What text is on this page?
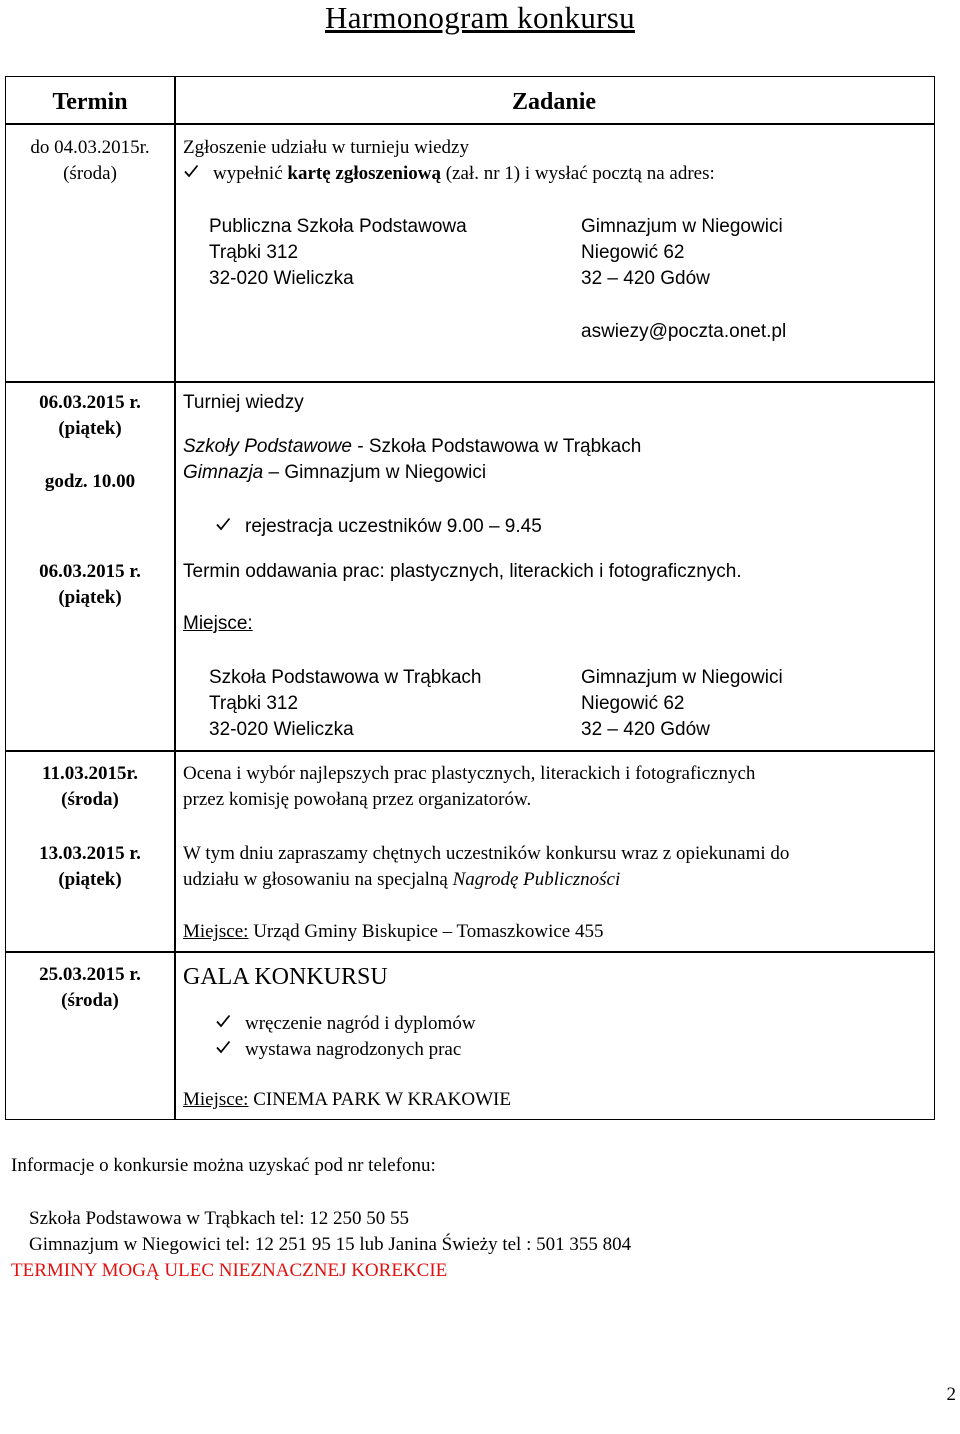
Harmonogram konkursu
Termin	Zadanie
do 04.03.2015r.
(środa)
Zgłoszenie udziału w turnieju wiedzy
wypełnić kartę zgłoszeniową (zał. nr 1) i wysłać pocztą na adres:
Publiczna Szkoła Podstawowa
Trąbki 312
32-020 Wieliczka
Gimnazjum w Niegowici
Niegowić 62
32 – 420 Gdów
aswiezy@poczta.onet.pl
06.03.2015 r.
(piątek)
godz. 10.00
Turniej wiedzy
Szkoły Podstawowe - Szkoła Podstawowa w Trąbkach
Gimnazja – Gimnazjum w Niegowici
rejestracja uczestników 9.00 – 9.45
06.03.2015 r.
(piątek)
Termin oddawania prac: plastycznych, literackich i fotograficznych.
Miejsce:
Szkoła Podstawowa w Trąbkach
Trąbki 312
32-020 Wieliczka
Gimnazjum w Niegowici
Niegowić 62
32 – 420 Gdów
11.03.2015r.
(środa)
13.03.2015 r.
(piątek)
Ocena i wybór najlepszych prac plastycznych, literackich i fotograficznych
przez komisję powołaną przez organizatorów.
W tym dniu zapraszamy chętnych uczestników konkursu wraz z opiekunami do
udziału w głosowaniu na specjalną Nagrodę Publiczności
Miejsce: Urząd Gminy Biskupice – Tomaszkowice 455
25.03.2015 r.
(środa)
GALA KONKURSU
wręczenie nagród i dyplomów
wystawa nagrodzonych prac
Miejsce: CINEMA PARK W KRAKOWIE
Informacje o konkursie można uzyskać pod nr telefonu:
Szkoła Podstawowa w Trąbkach tel: 12 250 50 55
Gimnazjum w Niegowici tel: 12 251 95 15 lub Janina Świeży tel : 501 355 804
TERMINY MOGĄ ULEC NIEZNACZNEJ KOREKCIE
2
